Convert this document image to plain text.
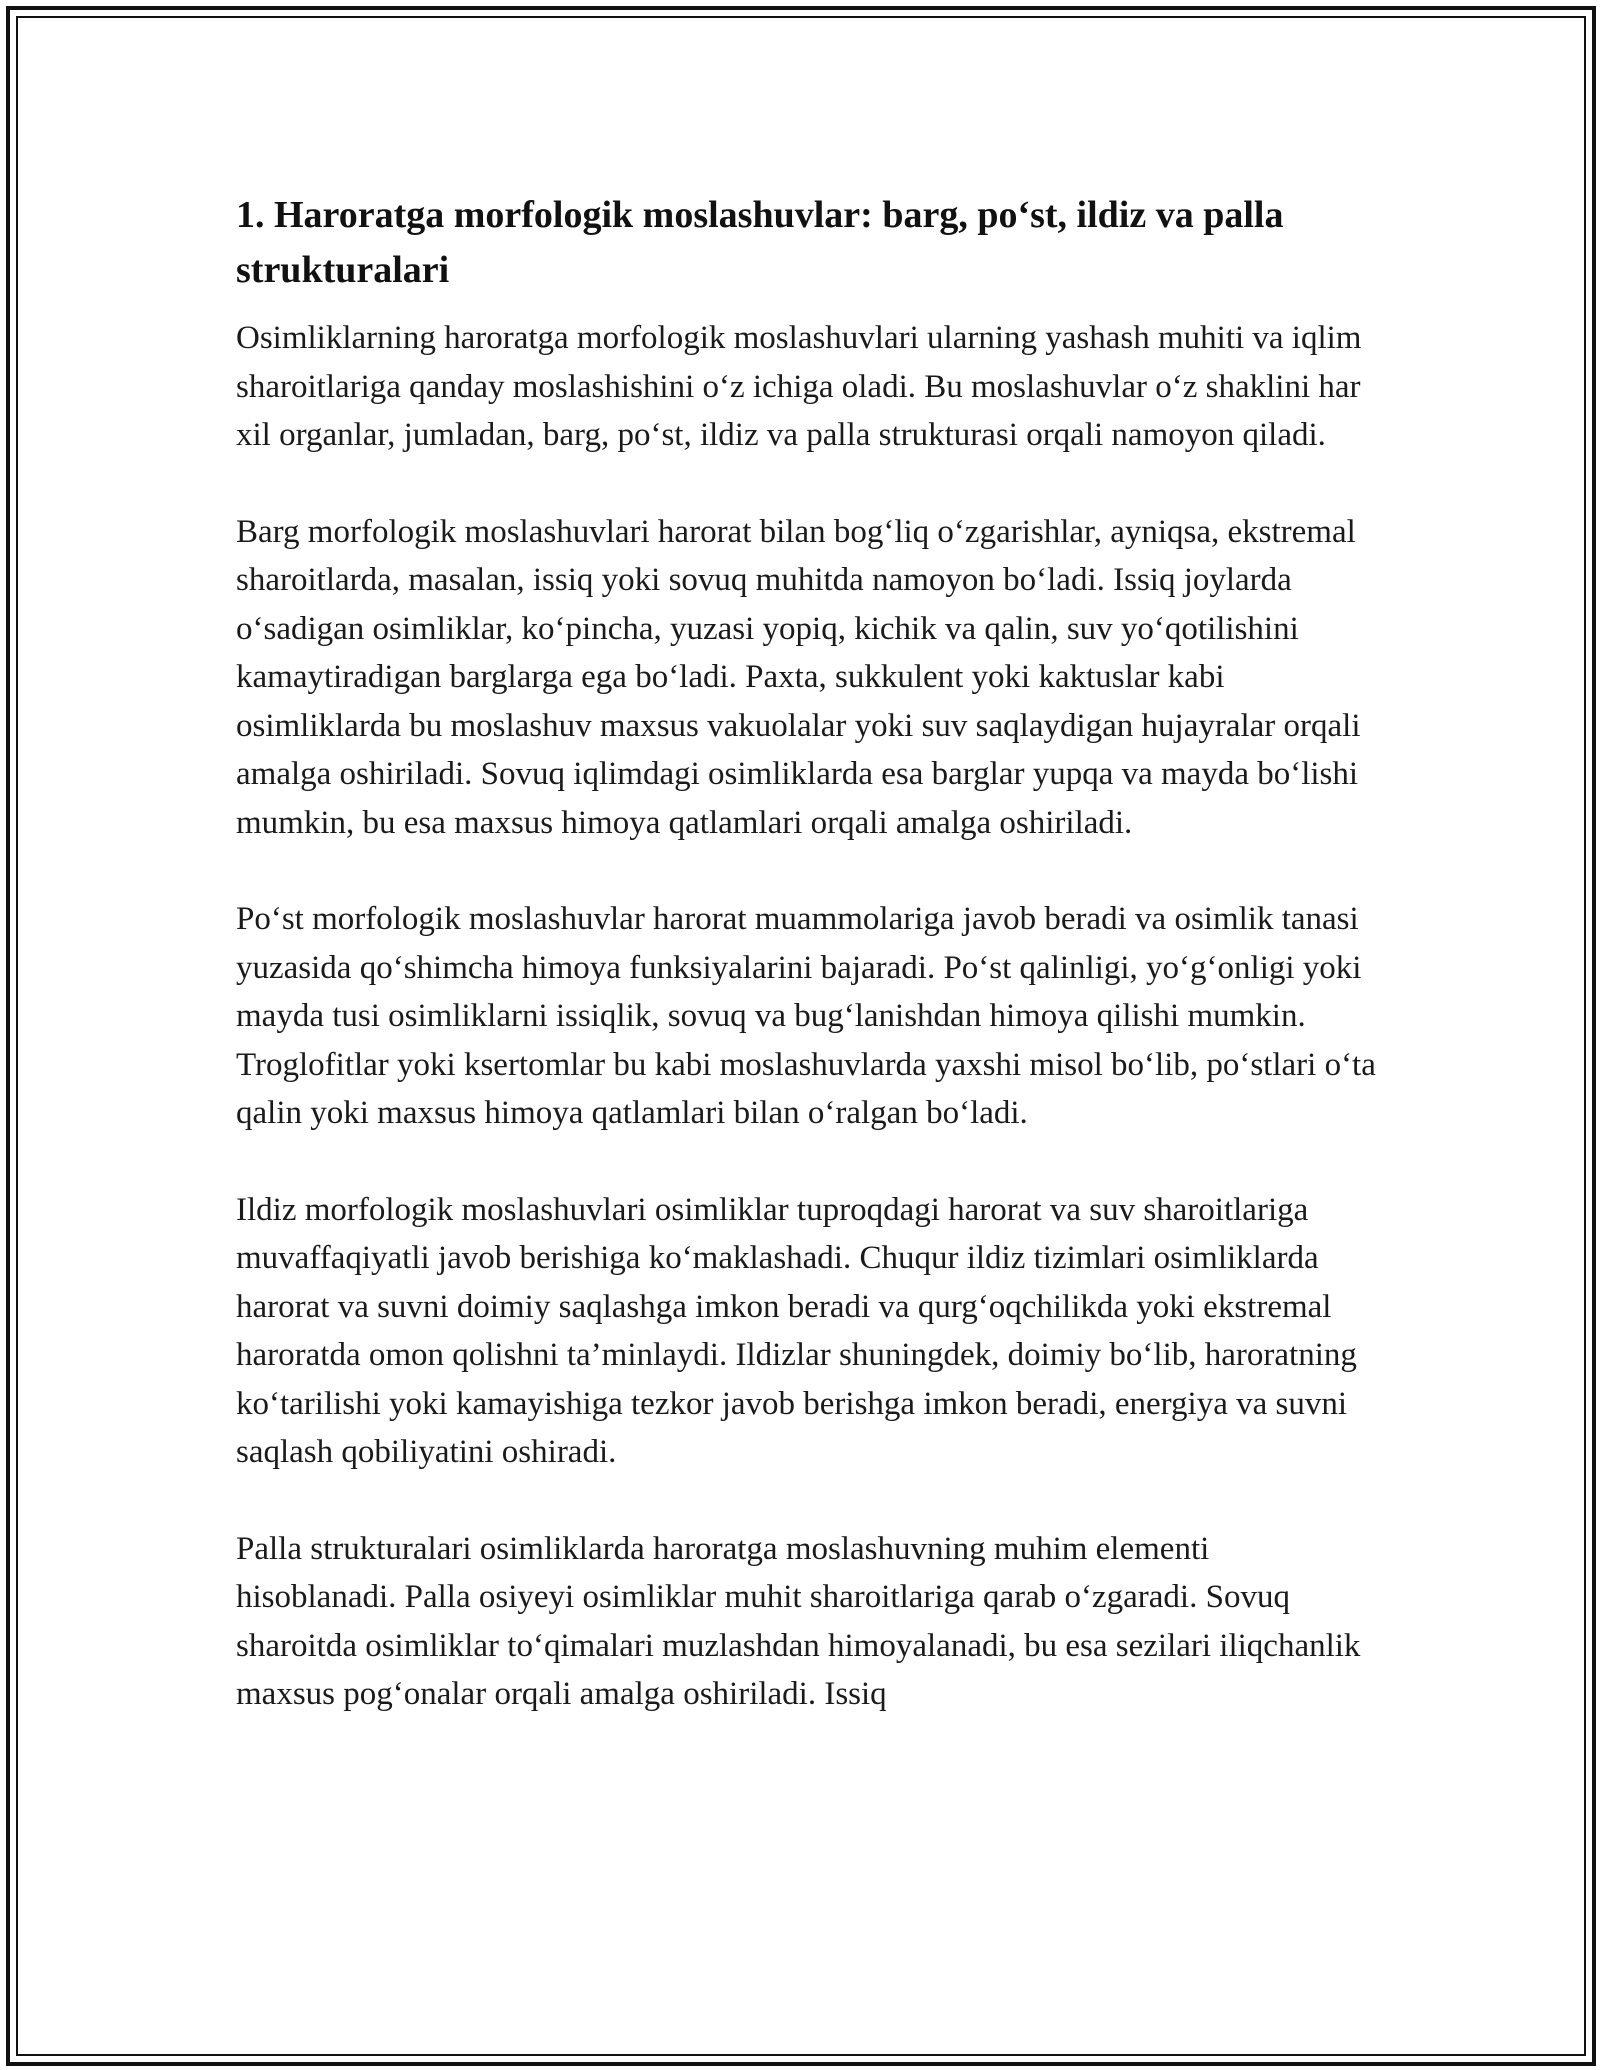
1. Haroratga morfologik moslashuvlar: barg, po‘st, ildiz va palla strukturalari

Osimliklarning haroratga morfologik moslashuvlari ularning yashash muhiti va iqlim sharoitlariga qanday moslashishini o‘z ichiga oladi. Bu moslashuvlar o‘z shaklini har xil organlar, jumladan, barg, po‘st, ildiz va palla strukturasi orqali namoyon qiladi.

Barg morfologik moslashuvlari harorat bilan bog‘liq o‘zgarishlar, ayniqsa, ekstremal sharoitlarda, masalan, issiq yoki sovuq muhitda namoyon bo‘ladi. Issiq joylarda o‘sadigan osimliklar, ko‘pincha, yuzasi yopiq, kichik va qalin, suv yo‘qotilishini kamaytiradigan barglarga ega bo‘ladi. Paxta, sukkulent yoki kaktuslar kabi osimliklarda bu moslashuv maxsus vakuolalar yoki suv saqlaydigan hujayralar orqali amalga oshiriladi. Sovuq iqlimdagi osimliklarda esa barglar yupqa va mayda bo‘lishi mumkin, bu esa maxsus himoya qatlamlari orqali amalga oshiriladi.

Po‘st morfologik moslashuvlar harorat muammolariga javob beradi va osimlik tanasi yuzasida qo‘shimcha himoya funksiyalarini bajaradi. Po‘st qalinligi, yo‘g‘onligi yoki mayda tusi osimliklarni issiqlik, sovuq va bug‘lanishdan himoya qilishi mumkin. Troglofitlar yoki ksertomlar bu kabi moslashuvlarda yaxshi misol bo‘lib, po‘stlari o‘ta qalin yoki maxsus himoya qatlamlari bilan o‘ralgan bo‘ladi.

Ildiz morfologik moslashuvlari osimliklar tuproqdagi harorat va suv sharoitlariga muvaffaqiyatli javob berishiga ko‘maklashadi. Chuqur ildiz tizimlari osimliklarda harorat va suvni doimiy saqlashga imkon beradi va qurg‘oqchilikda yoki ekstremal haroratda omon qolishni ta’minlaydi. Ildizlar shuningdek, doimiy bo‘lib, haroratning ko‘tarilishi yoki kamayishiga tezkor javob berishga imkon beradi, energiya va suvni saqlash qobiliyatini oshiradi.

Palla strukturalari osimliklarda haroratga moslashuvning muhim elementi hisoblanadi. Palla osiyeyi osimliklar muhit sharoitlariga qarab o‘zgaradi. Sovuq sharoitda osimliklar to‘qimalari muzlashdan himoyalanadi, bu esa sezilari iliqchanlik maxsus pog‘onalar orqali amalga oshiriladi. Issiq
